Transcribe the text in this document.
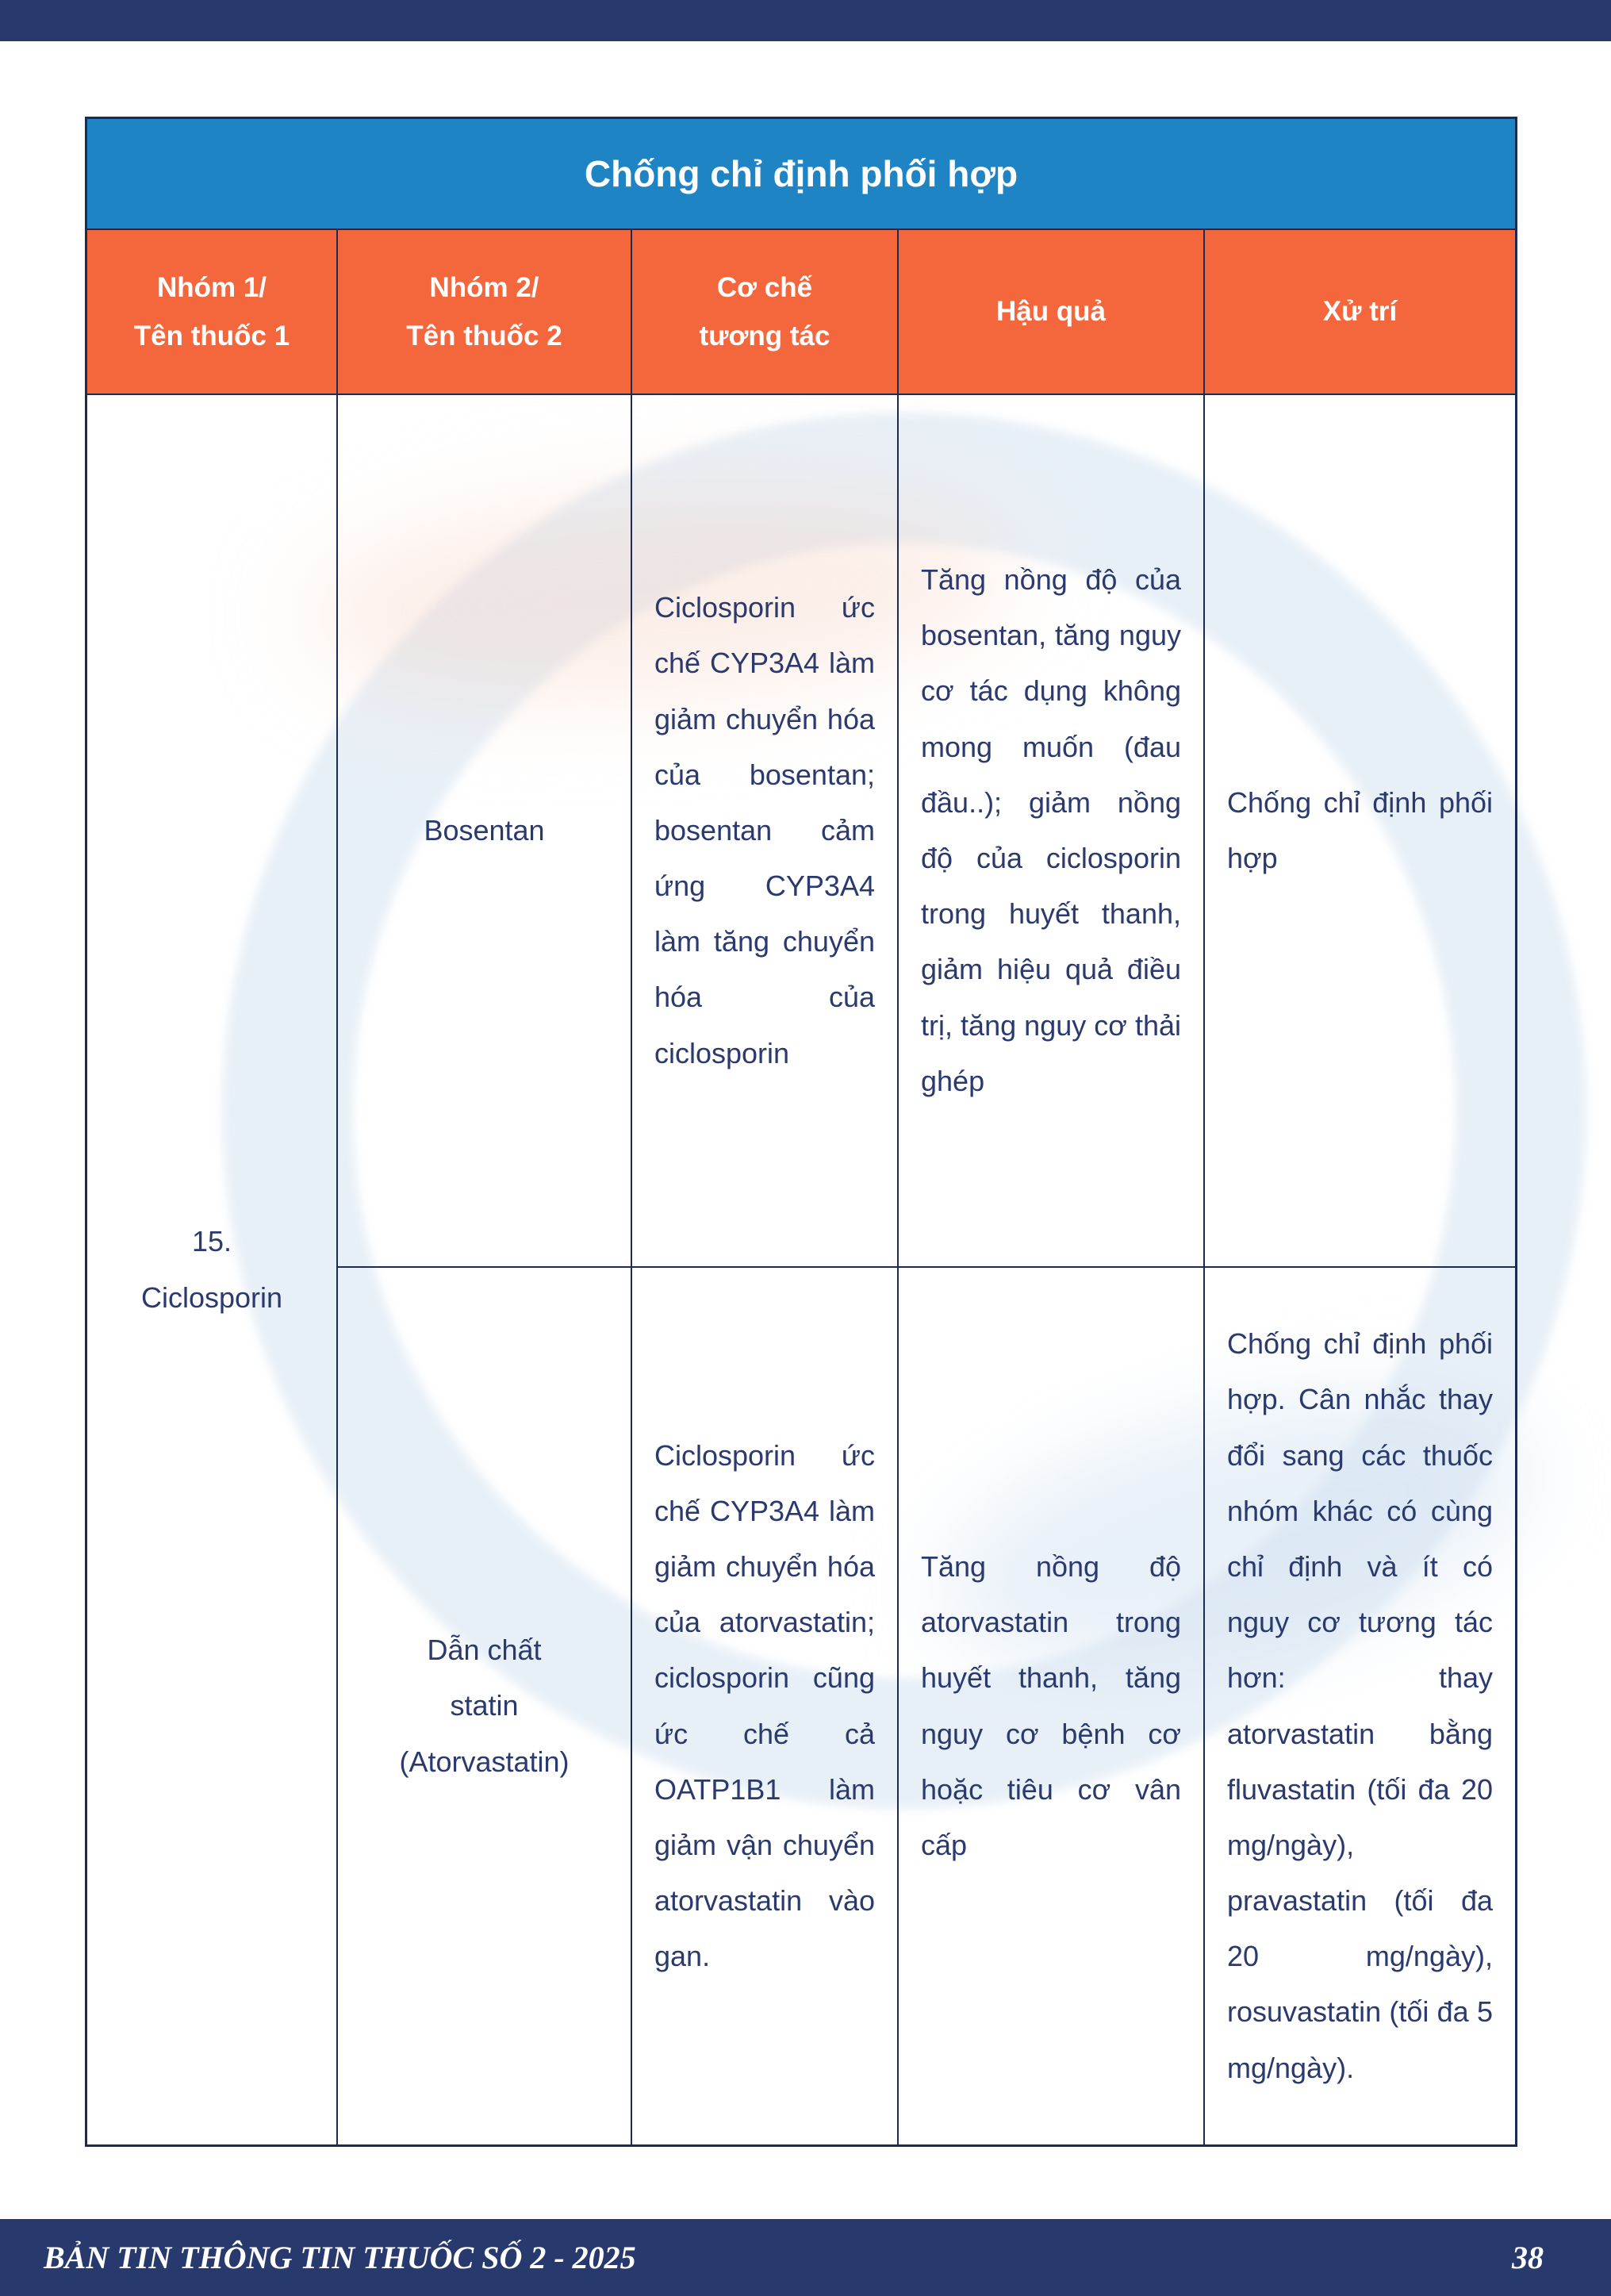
Chống chỉ định phối hợp
Nhóm 1/
Tên thuốc 1
Nhóm 2/
Tên thuốc 2
Cơ chế
tương tác
Hậu quả	Xử trí
15.
Ciclosporin
Bosentan
Ciclosporin ức chế CYP3A4 làm giảm chuyển hóa của bosentan; bosentan cảm ứng CYP3A4 làm tăng chuyển hóa của ciclosporin
Tăng nồng độ của bosentan, tăng nguy cơ tác dụng không mong muốn (đau đầu..); giảm nồng độ của ciclosporin trong huyết thanh, giảm hiệu quả điều trị, tăng nguy cơ thải ghép
Chống chỉ định phối hợp
Dẫn chất
statin
(Atorvastatin)
Ciclosporin ức chế CYP3A4 làm giảm chuyển hóa của atorvastatin; ciclosporin cũng ức chế cả OATP1B1 làm giảm vận chuyển atorvastatin vào gan.
Tăng nồng độ atorvastatin trong huyết thanh, tăng nguy cơ bệnh cơ hoặc tiêu cơ vân cấp
Chống chỉ định phối hợp. Cân nhắc thay đổi sang các thuốc nhóm khác có cùng chỉ định và ít có nguy cơ tương tác hơn: thay atorvastatin bằng fluvastatin (tối đa 20 mg/ngày), pravastatin (tối đa 20 mg/ngày), rosuvastatin (tối đa 5 mg/ngày).
BẢN TIN THÔNG TIN THUỐC SỐ 2 - 2025	38
